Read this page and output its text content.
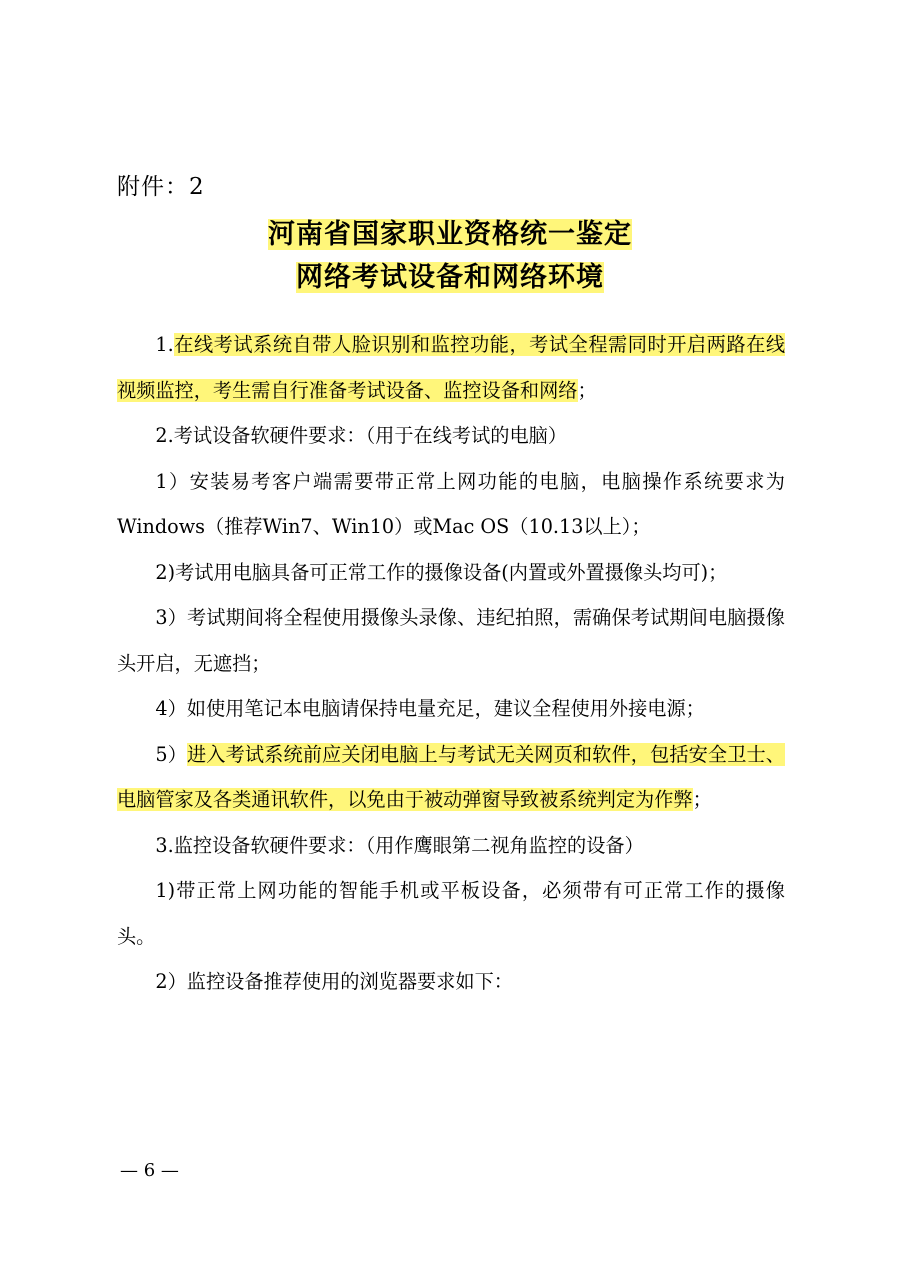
附件：2
河南省国家职业资格统一鉴定
网络考试设备和网络环境

1.在线考试系统自带人脸识别和监控功能，考试全程需同时开启两路在线视频监控，考生需自行准备考试设备、监控设备和网络；

2.考试设备软硬件要求：（用于在线考试的电脑）

1）安装易考客户端需要带正常上网功能的电脑，电脑操作系统要求为Windows（推荐Win7、Win10）或Mac OS（10.13以上）；

2)考试用电脑具备可正常工作的摄像设备(内置或外置摄像头均可)；

3）考试期间将全程使用摄像头录像、违纪拍照，需确保考试期间电脑摄像头开启，无遮挡；

4）如使用笔记本电脑请保持电量充足，建议全程使用外接电源；

5）进入考试系统前应关闭电脑上与考试无关网页和软件，包括安全卫士、电脑管家及各类通讯软件，以免由于被动弹窗导致被系统判定为作弊；

3.监控设备软硬件要求：（用作鹰眼第二视角监控的设备）

1)带正常上网功能的智能手机或平板设备，必须带有可正常工作的摄像头。

2）监控设备推荐使用的浏览器要求如下：

— 6 —
